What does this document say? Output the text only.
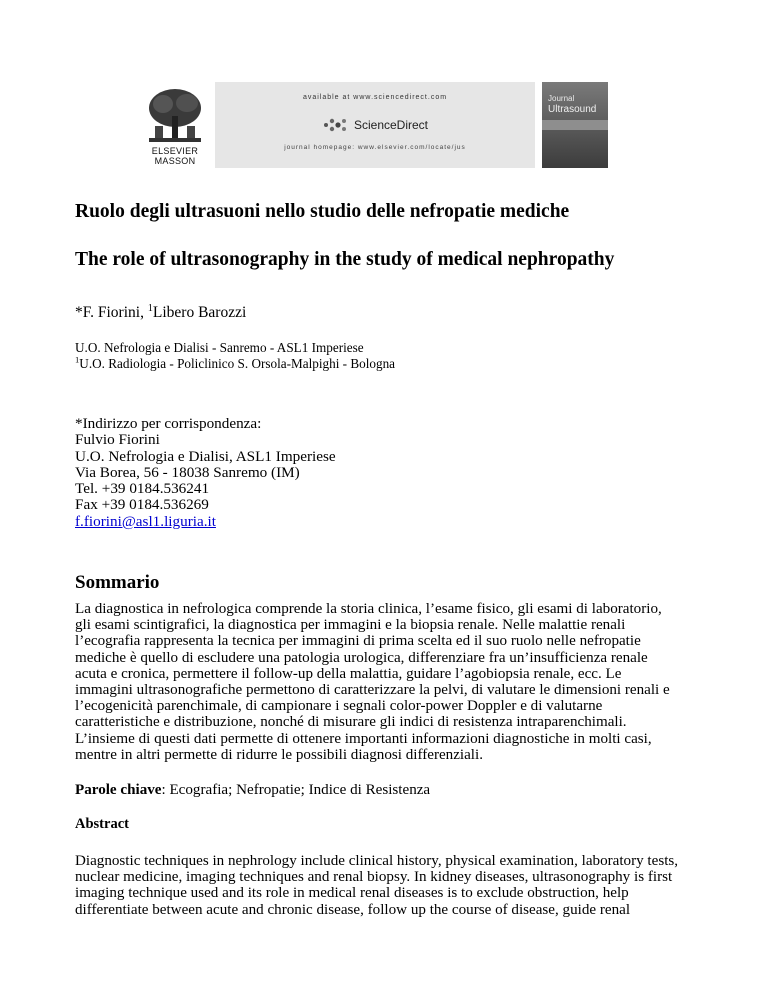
ELSEVIER
MASSON
available at www.sciencedirect.com
ScienceDirect
journal homepage: www.elsevier.com/locate/jus
Journal
Ultrasound
Ruolo degli ultrasuoni nello studio delle nefropatie mediche
The role of ultrasonography in the study of medical nephropathy
*F. Fiorini, $^1$Libero Barozzi
U.O. Nefrologia e Dialisi - Sanremo - ASL1 Imperiese
$^1$U.O. Radiologia - Policlinico S. Orsola-Malpighi - Bologna
*Indirizzo per corrispondenza:
Fulvio Fiorini
U.O. Nefrologia e Dialisi, ASL1 Imperiese
Via Borea, 56 - 18038 Sanremo (IM)
Tel. +39 0184.536241
Fax +39 0184.536269
f.fiorini@asl1.liguria.it
Sommario
La diagnostica in nefrologica comprende la storia clinica, l’esame fisico, gli esami di laboratorio,
gli esami scintigrafici, la diagnostica per immagini e la biopsia renale. Nelle malattie renali
l’ecografia rappresenta la tecnica per immagini di prima scelta ed il suo ruolo nelle nefropatie
mediche è quello di escludere una patologia urologica, differenziare fra un’insufficienza renale
acuta e cronica, permettere il follow-up della malattia, guidare l’agobiopsia renale, ecc. Le
immagini ultrasonografiche permettono di caratterizzare la pelvi, di valutare le dimensioni renali e
l’ecogenicità parenchimale, di campionare i segnali color-power Doppler e di valutarne
caratteristiche e distribuzione, nonché di misurare gli indici di resistenza intraparenchimali.
L’insieme di questi dati permette di ottenere importanti informazioni diagnostiche in molti casi,
mentre in altri permette di ridurre le possibili diagnosi differenziali.
Parole chiave: Ecografia; Nefropatie; Indice di Resistenza
Abstract
Diagnostic techniques in nephrology include clinical history, physical examination, laboratory tests,
nuclear medicine, imaging techniques and renal biopsy. In kidney diseases, ultrasonography is first
imaging technique used and its role in medical renal diseases is to exclude obstruction, help
differentiate between acute and chronic disease, follow up the course of disease, guide renal
